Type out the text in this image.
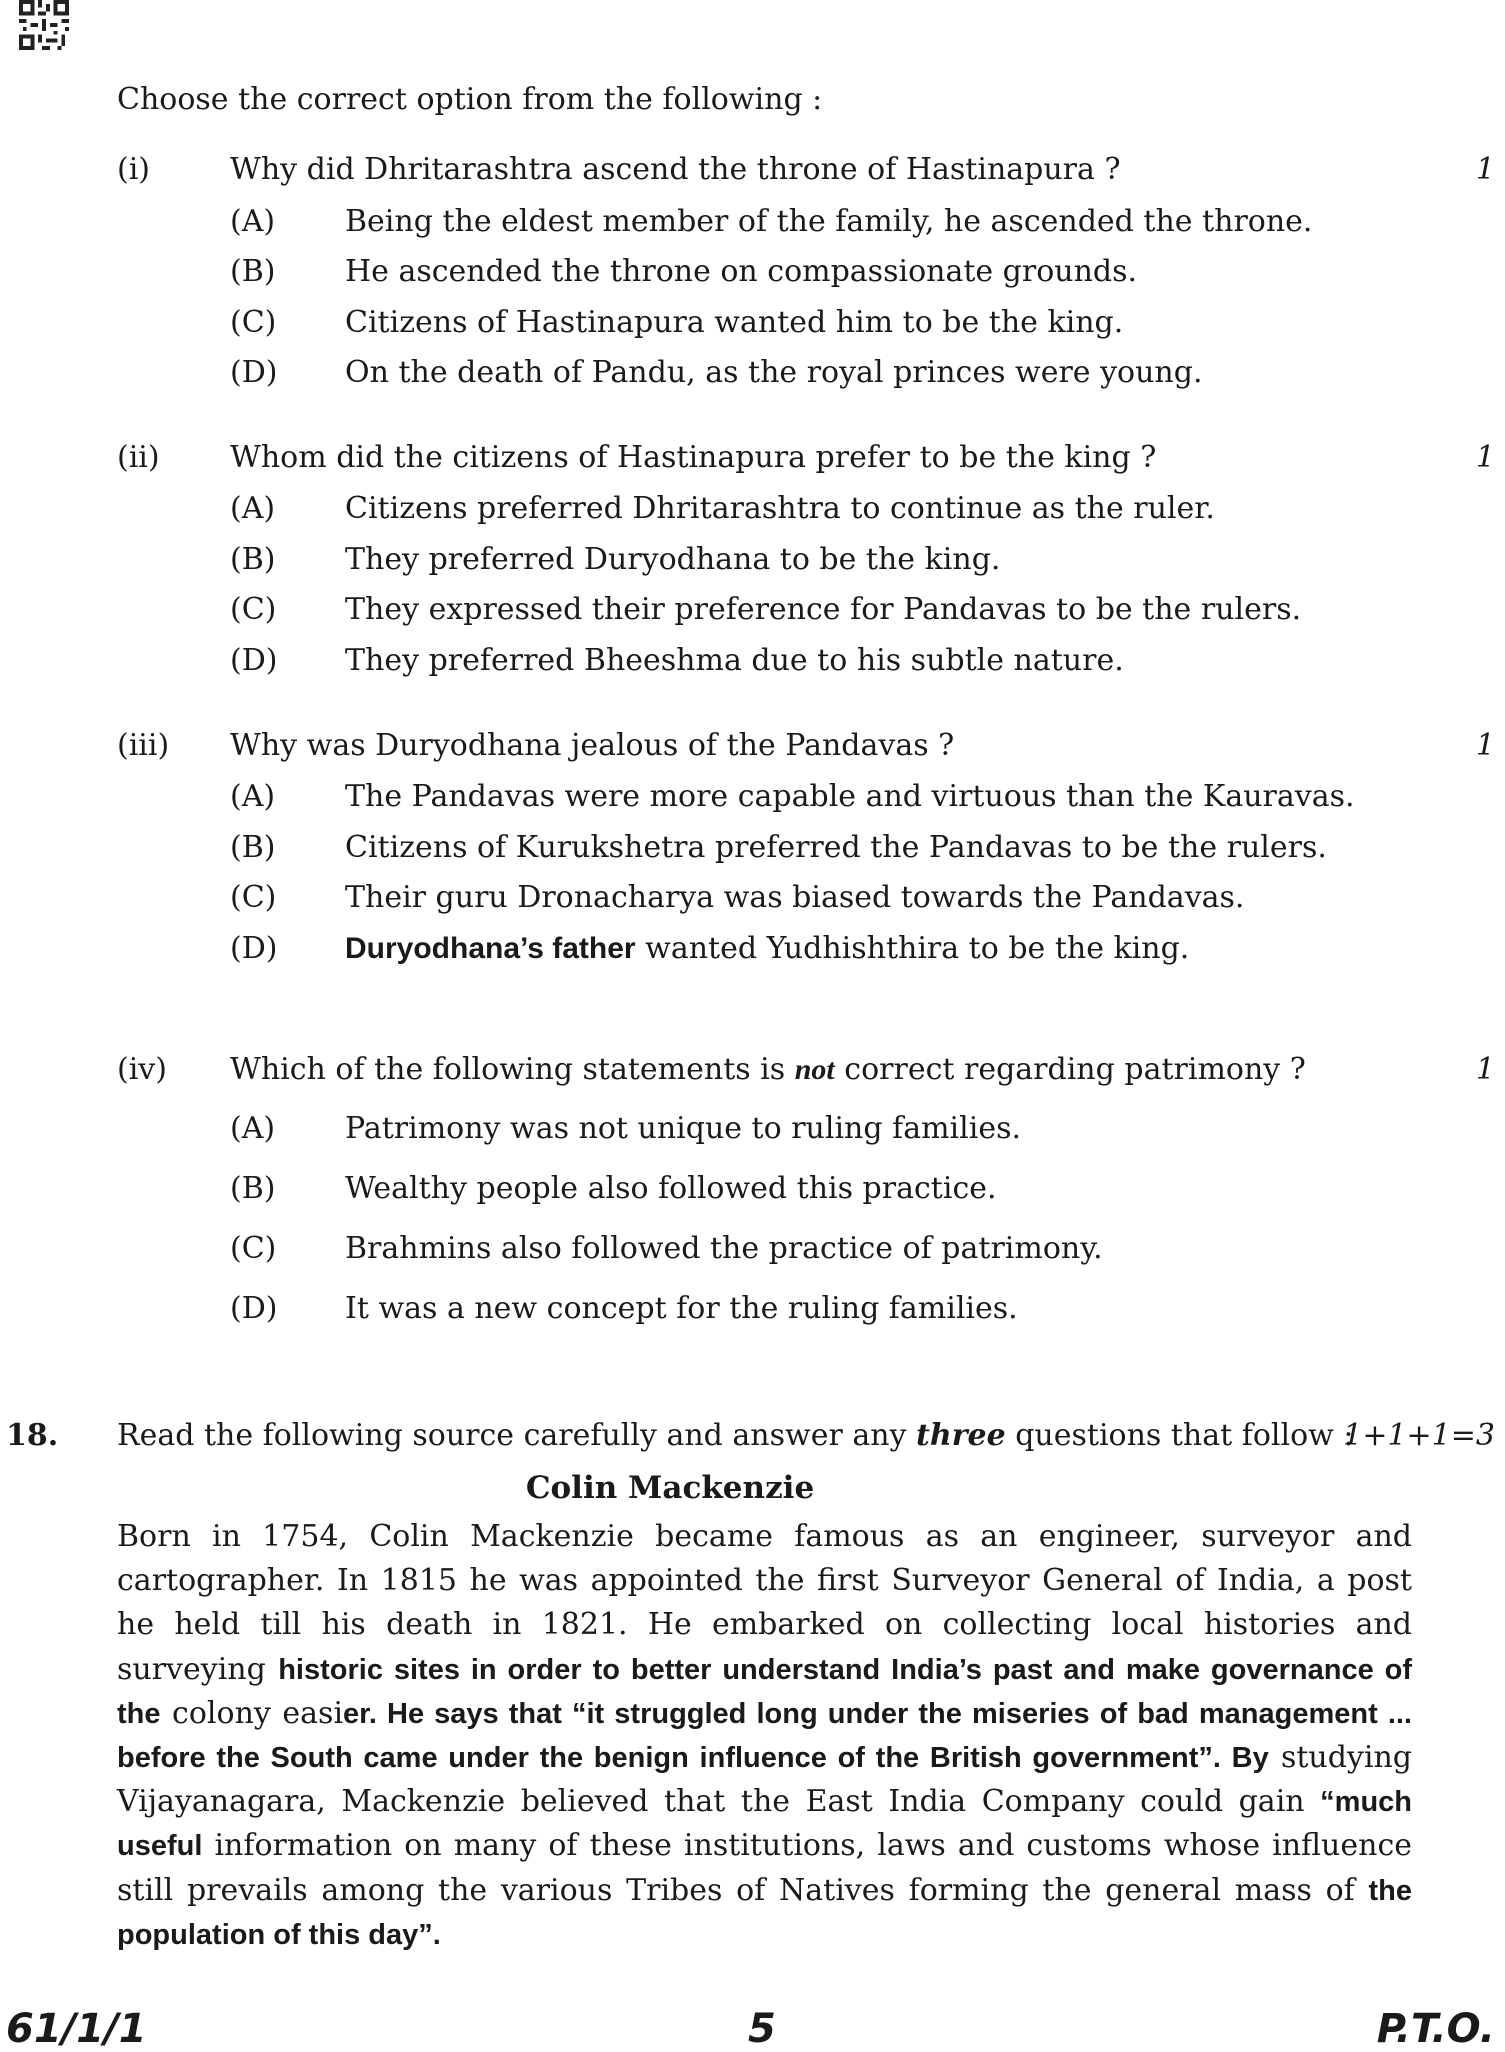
Choose the correct option from the following :
(i)	Why did Dhritarashtra ascend the throne of Hastinapura ?	1
(A) Being the eldest member of the family, he ascended the throne.
(B) He ascended the throne on compassionate grounds.
(C) Citizens of Hastinapura wanted him to be the king.
(D) On the death of Pandu, as the royal princes were young.
(ii) Whom did the citizens of Hastinapura prefer to be the king ?	1
(A) Citizens preferred Dhritarashtra to continue as the ruler.
(B) They preferred Duryodhana to be the king.
(C) They expressed their preference for Pandavas to be the rulers.
(D) They preferred Bheeshma due to his subtle nature.
(iii) Why was Duryodhana jealous of the Pandavas ?	1
(A) The Pandavas were more capable and virtuous than the Kauravas.
(B) Citizens of Kurukshetra preferred the Pandavas to be the rulers.
(C) Their guru Dronacharya was biased towards the Pandavas.
(D) Duryodhana’s father wanted Yudhishthira to be the king.
(iv) Which of the following statements is not correct regarding patrimony ?	1
(A) Patrimony was not unique to ruling families.
(B) Wealthy people also followed this practice.
(C) Brahmins also followed the practice of patrimony.
(D) It was a new concept for the ruling families.
18. Read the following source carefully and answer any three questions that follow :
1+1+1=3
Colin Mackenzie
Born in 1754, Colin Mackenzie became famous as an engineer, surveyor and cartographer. In 1815 he was appointed the first Surveyor General of India, a post he held till his death in 1821. He embarked on collecting local histories and surveying historic sites in order to better understand India’s past and make governance of the colony easier. He says that “it struggled long under the miseries of bad management ... before the South came under the benign influence of the British government”. By studying Vijayanagara, Mackenzie believed that the East India Company could gain “much useful information on many of these institutions, laws and customs whose influence still prevails among the various Tribes of Natives forming the general mass of the population of this day”.
61/1/1	5	P.T.O.
